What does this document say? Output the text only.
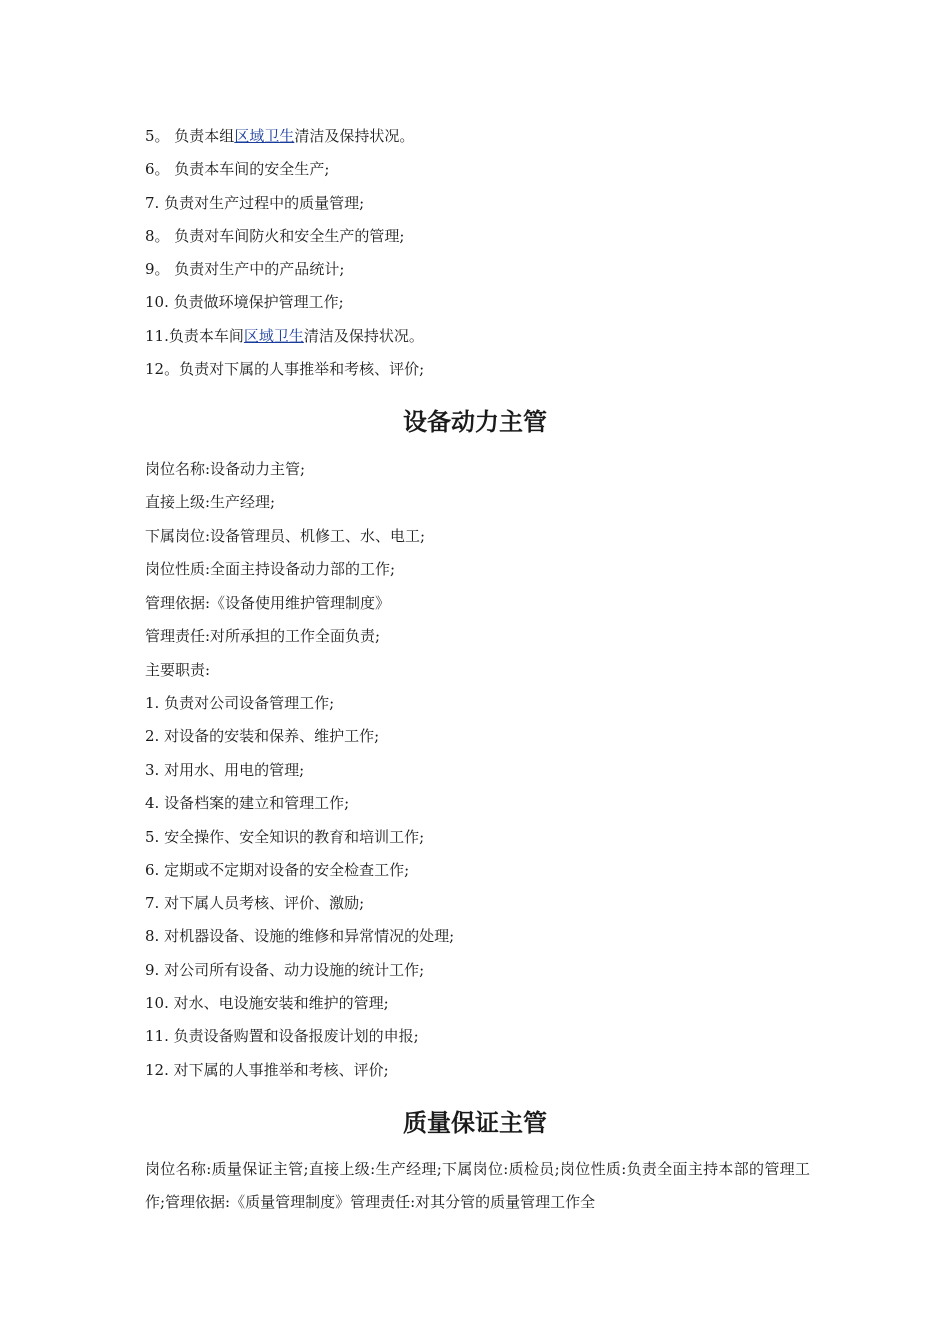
5。 负责本组区域卫生清洁及保持状况。

6。 负责本车间的安全生产;

7. 负责对生产过程中的质量管理;

8。 负责对车间防火和安全生产的管理;

9。 负责对生产中的产品统计;

10. 负责做环境保护管理工作;

11.负责本车间区域卫生清洁及保持状况。

12。负责对下属的人事推举和考核、评价;

设备动力主管

岗位名称:设备动力主管;

直接上级:生产经理;

下属岗位:设备管理员、机修工、水、电工;

岗位性质:全面主持设备动力部的工作;

管理依据:《设备使用维护管理制度》

管理责任:对所承担的工作全面负责;

主要职责:

1. 负责对公司设备管理工作;

2. 对设备的安装和保养、维护工作;

3. 对用水、用电的管理;

4. 设备档案的建立和管理工作;

5. 安全操作、安全知识的教育和培训工作;

6. 定期或不定期对设备的安全检查工作;

7. 对下属人员考核、评价、激励;

8. 对机器设备、设施的维修和异常情况的处理;

9. 对公司所有设备、动力设施的统计工作;

10. 对水、电设施安装和维护的管理;

11. 负责设备购置和设备报废计划的申报;

12. 对下属的人事推举和考核、评价;

质量保证主管

岗位名称:质量保证主管;直接上级:生产经理;下属岗位:质检员;岗位性质:负责全面主持本部的管理工作;管理依据:《质量管理制度》管理责任:对其分管的质量管理工作全
